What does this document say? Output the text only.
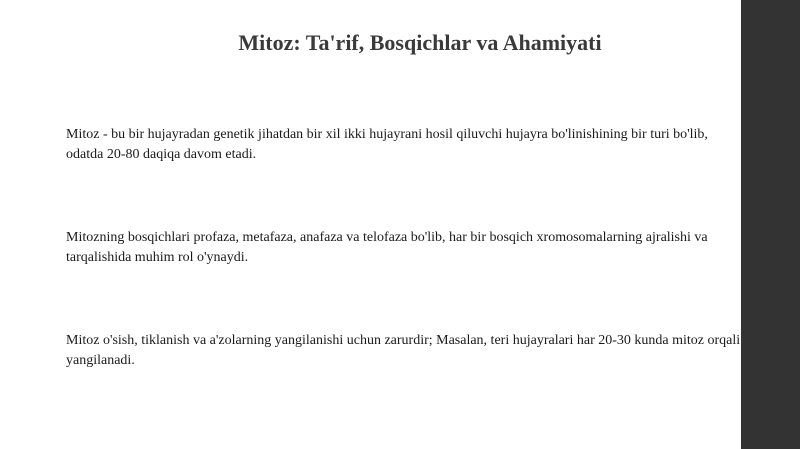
Mitoz: Ta'rif, Bosqichlar va Ahamiyati

Mitoz - bu bir hujayradan genetik jihatdan bir xil ikki hujayrani hosil qiluvchi hujayra bo'linishining bir turi bo'lib, odatda 20-80 daqiqa davom etadi.

Mitozning bosqichlari profaza, metafaza, anafaza va telofaza bo'lib, har bir bosqich xromosomalarning ajralishi va tarqalishida muhim rol o'ynaydi.

Mitoz o'sish, tiklanish va a'zolarning yangilanishi uchun zarurdir; Masalan, teri hujayralari har 20-30 kunda mitoz orqali yangilanadi.
